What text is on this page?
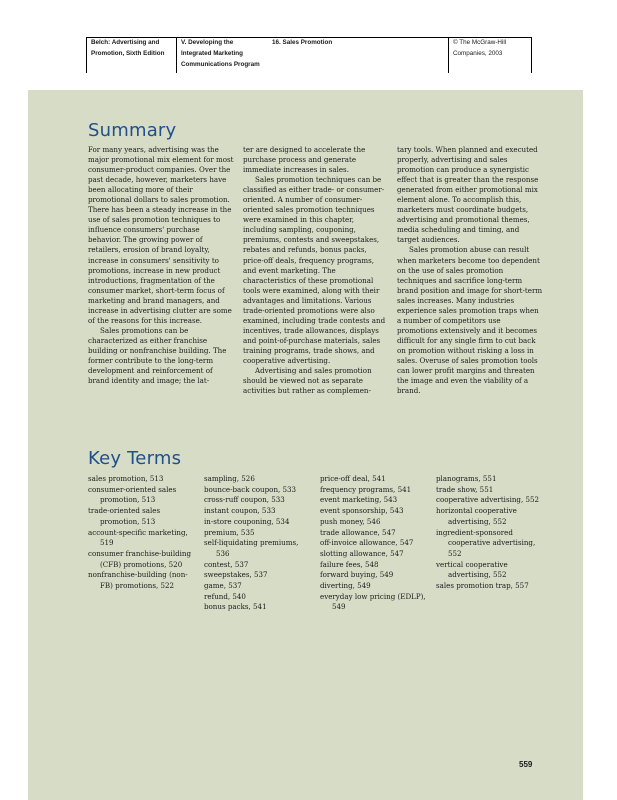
Belch: Advertising and
Promotion, Sixth Edition
V. Developing the
Integrated Marketing
Communications Program
16. Sales Promotion	© The McGraw-Hill
Companies, 2003
Summary

For many years, advertising was the major promotional mix element for most consumer-product companies. Over the past decade, however, marketers have been allocating more of their promotional dollars to sales promotion. There has been a steady increase in the use of sales promotion techniques to influence consumers' purchase behavior. The growing power of retailers, erosion of brand loyalty, increase in consumers' sensitivity to promotions, increase in new product introductions, fragmentation of the consumer market, short-term focus of marketing and brand managers, and increase in advertising clutter are some of the reasons for this increase.

Sales promotions can be characterized as either franchise building or nonfranchise building. The former contribute to the long-term development and reinforcement of brand identity and image; the lat-

ter are designed to accelerate the purchase process and generate immediate increases in sales.

Sales promotion techniques can be classified as either trade- or consumer-oriented. A number of consumer-oriented sales promotion techniques were examined in this chapter, including sampling, couponing, premiums, contests and sweepstakes, rebates and refunds, bonus packs, price-off deals, frequency programs, and event marketing. The characteristics of these promotional tools were examined, along with their advantages and limitations. Various trade-oriented promotions were also examined, including trade contests and incentives, trade allowances, displays and point-of-purchase materials, sales training programs, trade shows, and cooperative advertising.

Advertising and sales promotion should be viewed not as separate activities but rather as complemen-

tary tools. When planned and executed properly, advertising and sales promotion can produce a synergistic effect that is greater than the response generated from either promotional mix element alone. To accomplish this, marketers must coordinate budgets, advertising and promotional themes, media scheduling and timing, and target audiences.

Sales promotion abuse can result when marketers become too dependent on the use of sales promotion techniques and sacrifice long-term brand position and image for short-term sales increases. Many industries experience sales promotion traps when a number of competitors use promotions extensively and it becomes difficult for any single firm to cut back on promotion without risking a loss in sales. Overuse of sales promotion tools can lower profit margins and threaten the image and even the viability of a brand.

Key Terms
sales promotion, 513
consumer-oriented sales promotion, 513
trade-oriented sales promotion, 513
account-specific marketing, 519
consumer franchise-building (CFB) promotions, 520
nonfranchise-building (non-FB) promotions, 522
sampling, 526
bounce-back coupon, 533
cross-ruff coupon, 533
instant coupon, 533
in-store couponing, 534
premium, 535
self-liquidating premiums, 536
contest, 537
sweepstakes, 537
game, 537
refund, 540
bonus packs, 541
price-off deal, 541
frequency programs, 541
event marketing, 543
event sponsorship, 543
push money, 546
trade allowance, 547
off-invoice allowance, 547
slotting allowance, 547
failure fees, 548
forward buying, 549
diverting, 549
everyday low pricing (EDLP), 549
planograms, 551
trade show, 551
cooperative advertising, 552
horizontal cooperative advertising, 552
ingredient-sponsored cooperative advertising, 552
vertical cooperative advertising, 552
sales promotion trap, 557
559
